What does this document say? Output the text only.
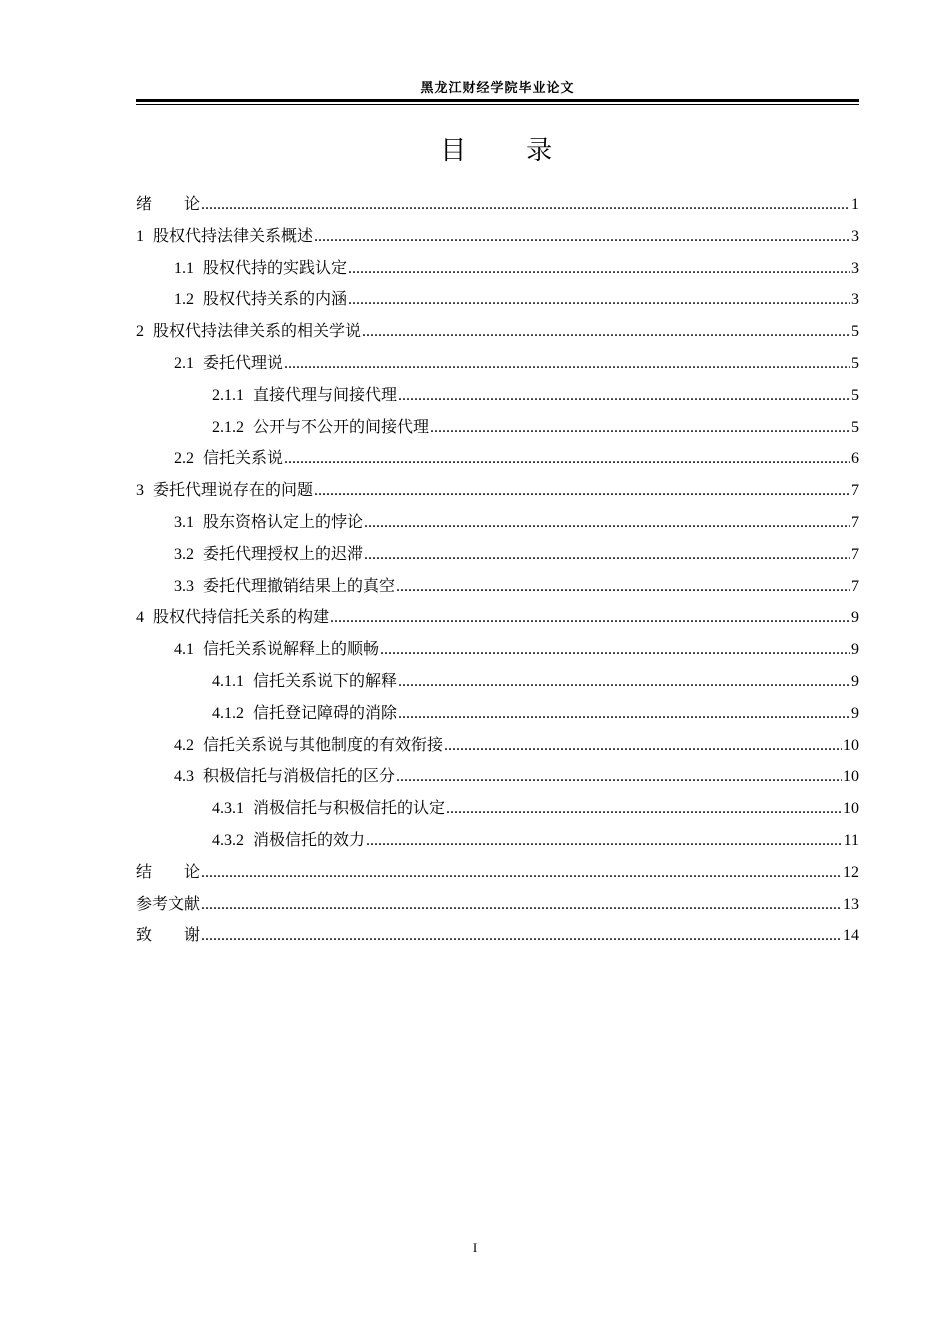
黑龙江财经学院毕业论文
目　　录
绪　　论 .....	1
1 股权代持法律关系概述 .....	3
1.1 股权代持的实践认定 .....	3
1.2 股权代持关系的内涵 .....	3
2 股权代持法律关系的相关学说 .....	5
2.1 委托代理说 .....	5
2.1.1 直接代理与间接代理 .....	5
2.1.2 公开与不公开的间接代理 .....	5
2.2 信托关系说 .....	6
3 委托代理说存在的问题 .....	7
3.1 股东资格认定上的悖论 .....	7
3.2 委托代理授权上的迟滞 .....	7
3.3 委托代理撤销结果上的真空 .....	7
4 股权代持信托关系的构建 .....	9
4.1 信托关系说解释上的顺畅 .....	9
4.1.1 信托关系说下的解释 .....	9
4.1.2 信托登记障碍的消除 .....	9
4.2 信托关系说与其他制度的有效衔接 .....	10
4.3 积极信托与消极信托的区分 .....	10
4.3.1 消极信托与积极信托的认定 .....	10
4.3.2 消极信托的效力 .....	11
结　　论 .....	12
参考文献 .....	13
致　　谢 .....	14
I
